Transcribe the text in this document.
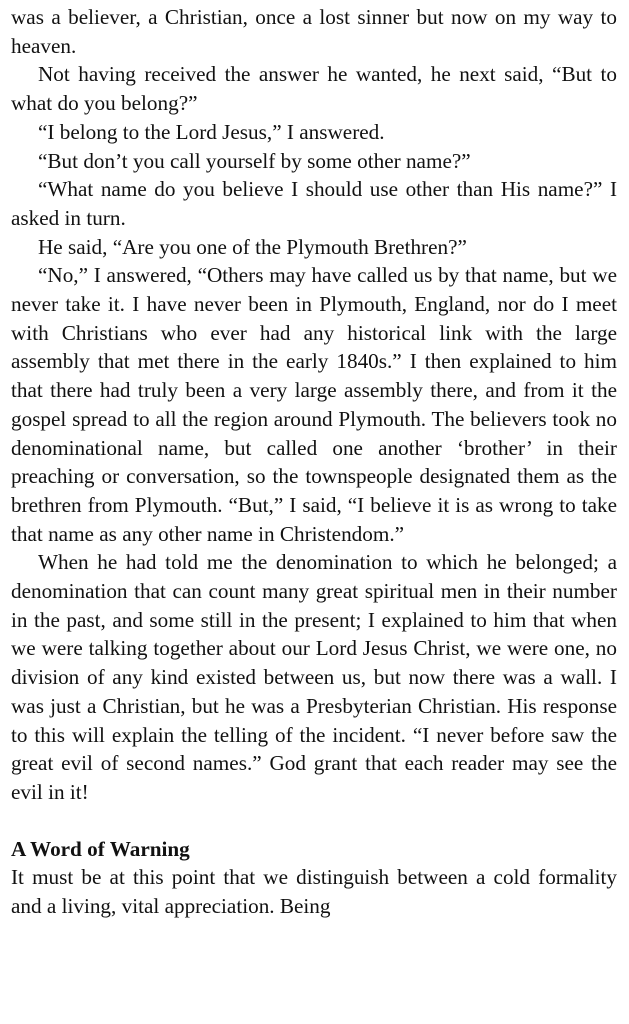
was a believer, a Christian, once a lost sinner but now on my way to heaven.

Not having received the answer he wanted, he next said, “But to what do you belong?”

“I belong to the Lord Jesus,” I answered.

“But don’t you call yourself by some other name?”

“What name do you believe I should use other than His name?” I asked in turn.

He said, “Are you one of the Plymouth Brethren?”

“No,” I answered, “Others may have called us by that name, but we never take it. I have never been in Plymouth, England, nor do I meet with Christians who ever had any historical link with the large assembly that met there in the early 1840s.” I then explained to him that there had truly been a very large assembly there, and from it the gospel spread to all the region around Plymouth. The believers took no denominational name, but called one another ‘brother’ in their preaching or conversation, so the townspeople designated them as the brethren from Plymouth. “But,” I said, “I believe it is as wrong to take that name as any other name in Christendom.”

When he had told me the denomination to which he belonged; a denomination that can count many great spiritual men in their number in the past, and some still in the present; I explained to him that when we were talking together about our Lord Jesus Christ, we were one, no division of any kind existed between us, but now there was a wall. I was just a Christian, but he was a Presbyterian Christian. His response to this will explain the telling of the incident. “I never before saw the great evil of second names.” God grant that each reader may see the evil in it!

A Word of Warning

It must be at this point that we distinguish between a cold formality and a living, vital appreciation. Being
